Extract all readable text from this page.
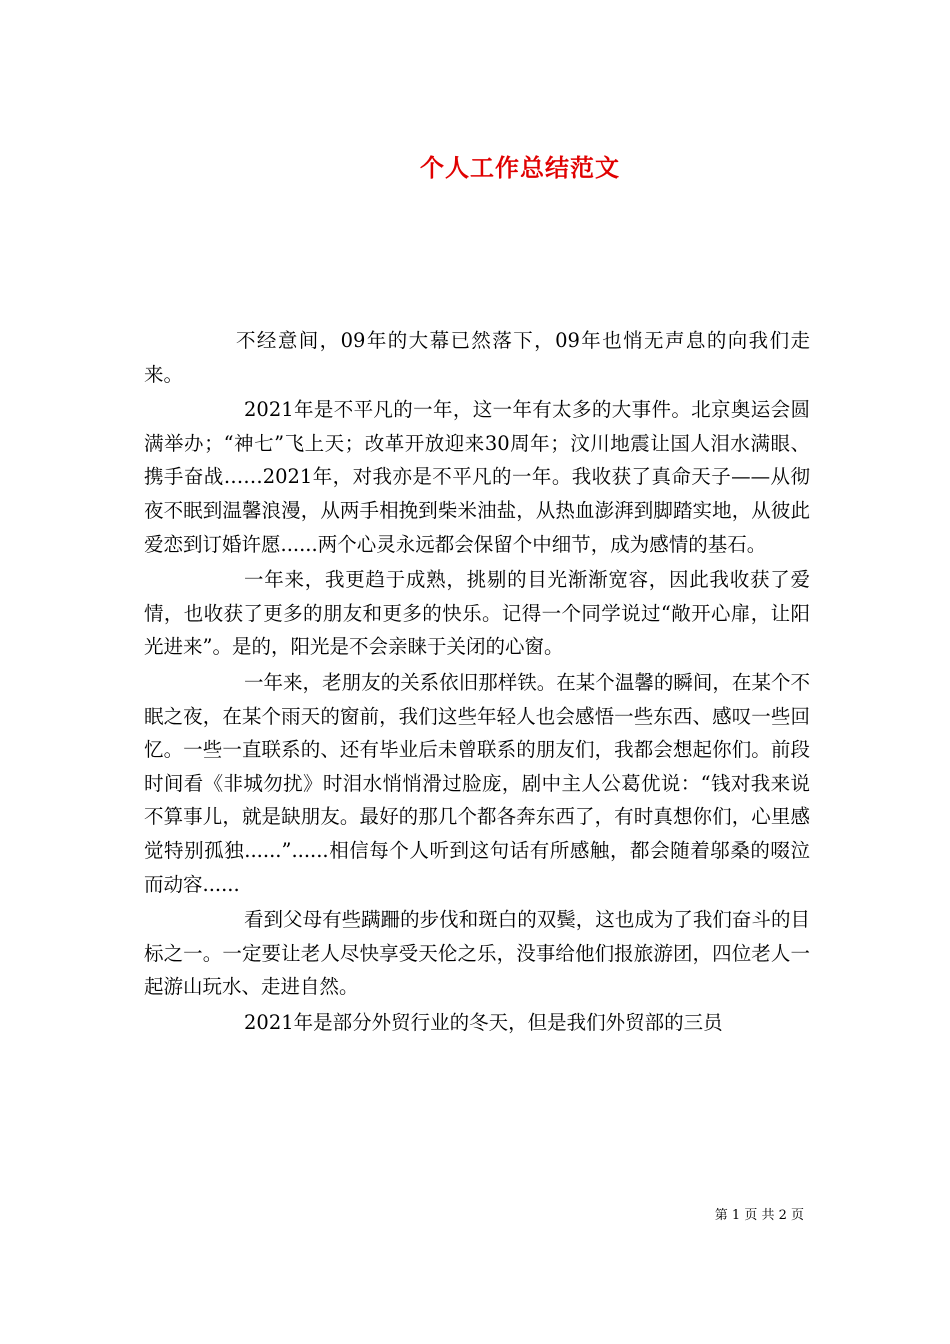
个人工作总结范文

不经意间，09年的大幕已然落下，09年也悄无声息的向我们走来。

2021年是不平凡的一年，这一年有太多的大事件。北京奥运会圆满举办；“神七”飞上天；改革开放迎来30周年；汶川地震让国人泪水满眼、携手奋战……2021年，对我亦是不平凡的一年。我收获了真命天子——从彻夜不眠到温馨浪漫，从两手相挽到柴米油盐，从热血澎湃到脚踏实地，从彼此爱恋到订婚许愿......两个心灵永远都会保留个中细节，成为感情的基石。

一年来，我更趋于成熟，挑剔的目光渐渐宽容，因此我收获了爱情，也收获了更多的朋友和更多的快乐。记得一个同学说过“敞开心扉，让阳光进来”。是的，阳光是不会亲睐于关闭的心窗。

一年来，老朋友的关系依旧那样铁。在某个温馨的瞬间，在某个不眠之夜，在某个雨天的窗前，我们这些年轻人也会感悟一些东西、感叹一些回忆。一些一直联系的、还有毕业后未曾联系的朋友们，我都会想起你们。前段时间看《非城勿扰》时泪水悄悄滑过脸庞，剧中主人公葛优说：“钱对我来说不算事儿，就是缺朋友。最好的那几个都各奔东西了，有时真想你们，心里感觉特别孤独......”......相信每个人听到这句话有所感触，都会随着邬桑的啜泣而动容......

看到父母有些蹒跚的步伐和斑白的双鬓，这也成为了我们奋斗的目标之一。一定要让老人尽快享受天伦之乐，没事给他们报旅游团，四位老人一起游山玩水、走进自然。

2021年是部分外贸行业的冬天，但是我们外贸部的三员

第 1 页 共 2 页
